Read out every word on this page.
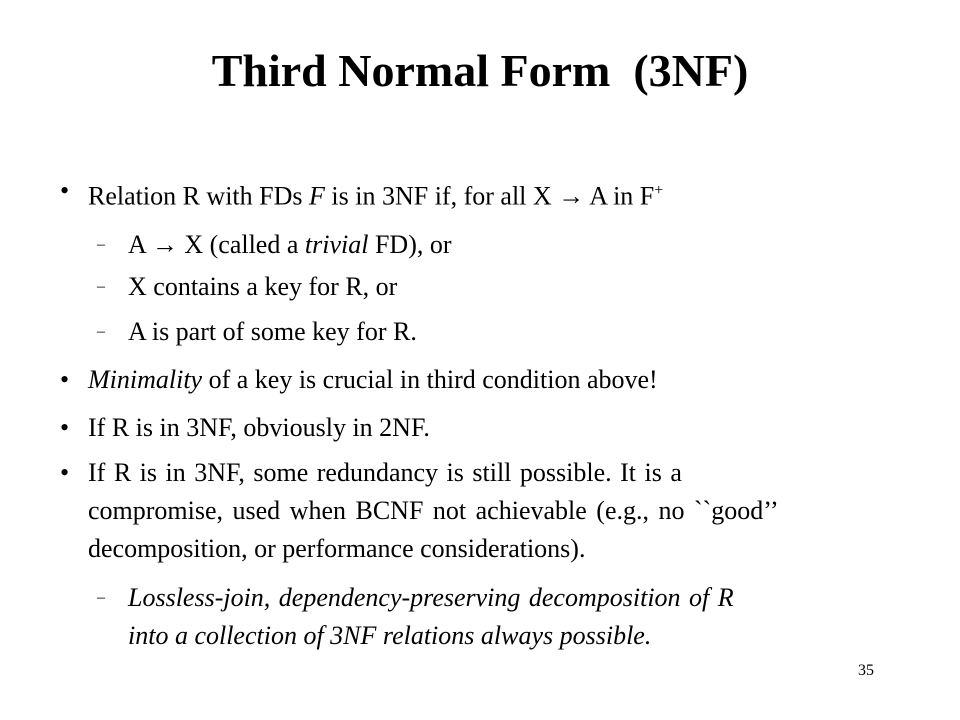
Third Normal Form  (3NF)
• Relation R with FDs F is in 3NF if, for all X → A in F+
– A → X (called a trivial FD), or
– X contains a key for R, or
– A is part of some key for R.
• Minimality of a key is crucial in third condition above!
• If R is in 3NF, obviously in 2NF.
• If R is in 3NF, some redundancy is still possible. It is a
compromise, used when BCNF not achievable (e.g., no ``good’’
decomposition, or performance considerations).
– Lossless-join, dependency-preserving decomposition of R
into a collection of 3NF relations always possible.
35
